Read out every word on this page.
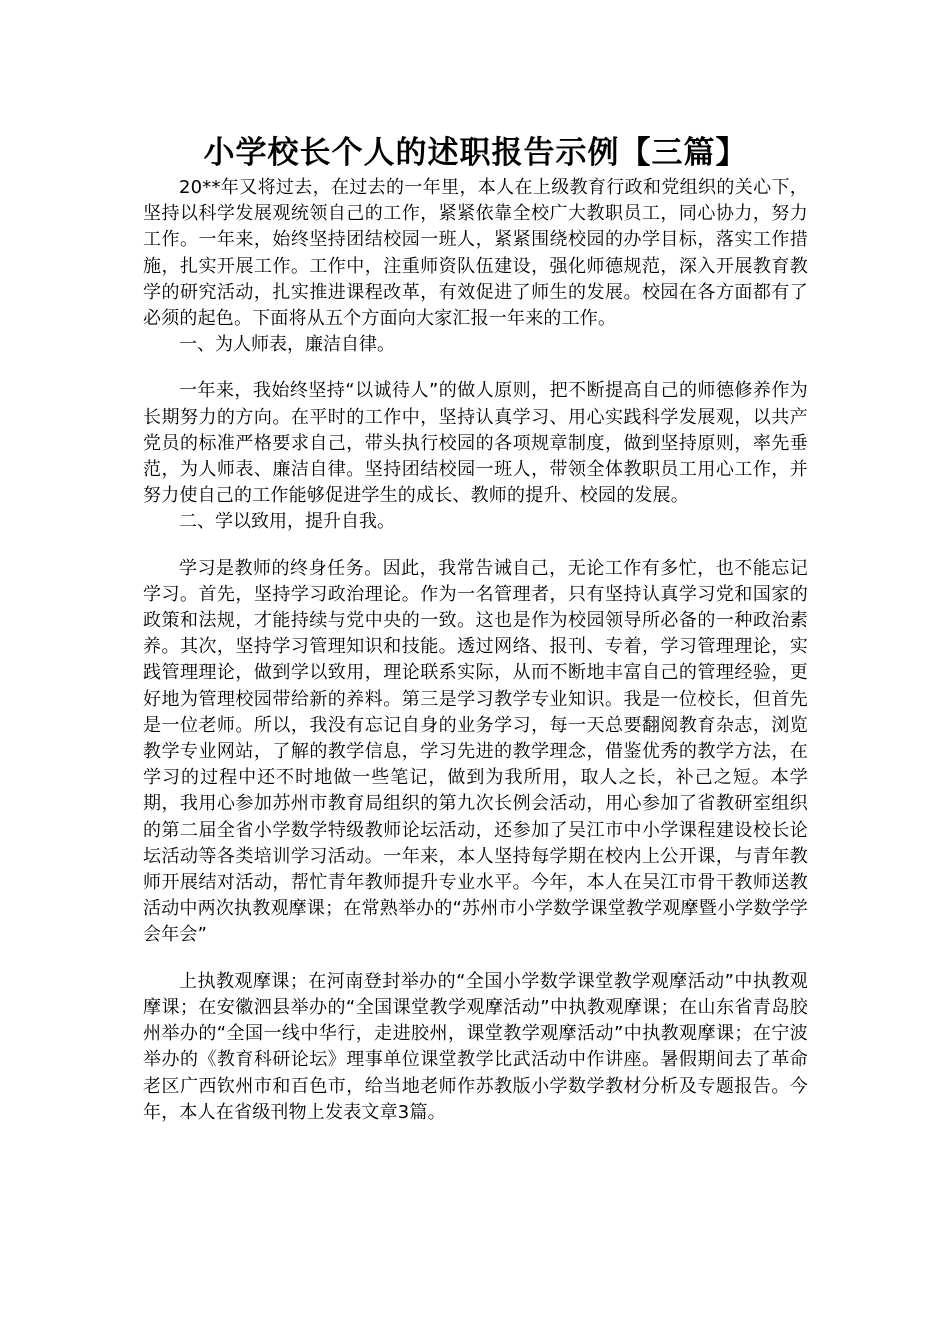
小学校长个人的述职报告示例【三篇】

20**年又将过去，在过去的一年里，本人在上级教育行政和党组织的关心下，坚持以科学发展观统领自己的工作，紧紧依靠全校广大教职员工，同心协力，努力工作。一年来，始终坚持团结校园一班人，紧紧围绕校园的办学目标，落实工作措施，扎实开展工作。工作中，注重师资队伍建设，强化师德规范，深入开展教育教学的研究活动，扎实推进课程改革，有效促进了师生的发展。校园在各方面都有了必须的起色。下面将从五个方面向大家汇报一年来的工作。

一、为人师表，廉洁自律。

一年来，我始终坚持“以诚待人”的做人原则，把不断提高自己的师德修养作为长期努力的方向。在平时的工作中，坚持认真学习、用心实践科学发展观，以共产党员的标准严格要求自己，带头执行校园的各项规章制度，做到坚持原则，率先垂范，为人师表、廉洁自律。坚持团结校园一班人，带领全体教职员工用心工作，并努力使自己的工作能够促进学生的成长、教师的提升、校园的发展。

二、学以致用，提升自我。

学习是教师的终身任务。因此，我常告诫自己，无论工作有多忙，也不能忘记学习。首先，坚持学习政治理论。作为一名管理者，只有坚持认真学习党和国家的政策和法规，才能持续与党中央的一致。这也是作为校园领导所必备的一种政治素养。其次，坚持学习管理知识和技能。透过网络、报刊、专着，学习管理理论，实践管理理论，做到学以致用，理论联系实际，从而不断地丰富自己的管理经验，更好地为管理校园带给新的养料。第三是学习教学专业知识。我是一位校长，但首先是一位老师。所以，我没有忘记自身的业务学习，每一天总要翻阅教育杂志，浏览教学专业网站，了解的教学信息，学习先进的教学理念，借鉴优秀的教学方法，在学习的过程中还不时地做一些笔记，做到为我所用，取人之长，补己之短。本学期，我用心参加苏州市教育局组织的第九次长例会活动，用心参加了省教研室组织的第二届全省小学数学特级教师论坛活动，还参加了吴江市中小学课程建设校长论坛活动等各类培训学习活动。一年来，本人坚持每学期在校内上公开课，与青年教师开展结对活动，帮忙青年教师提升专业水平。今年，本人在吴江市骨干教师送教活动中两次执教观摩课；在常熟举办的“苏州市小学数学课堂教学观摩暨小学数学学会年会”

上执教观摩课；在河南登封举办的“全国小学数学课堂教学观摩活动”中执教观摩课；在安徽泗县举办的“全国课堂教学观摩活动”中执教观摩课；在山东省青岛胶州举办的“全国一线中华行，走进胶州，课堂教学观摩活动”中执教观摩课；在宁波举办的《教育科研论坛》理事单位课堂教学比武活动中作讲座。暑假期间去了革命老区广西钦州市和百色市，给当地老师作苏教版小学数学教材分析及专题报告。今年，本人在省级刊物上发表文章3篇。
